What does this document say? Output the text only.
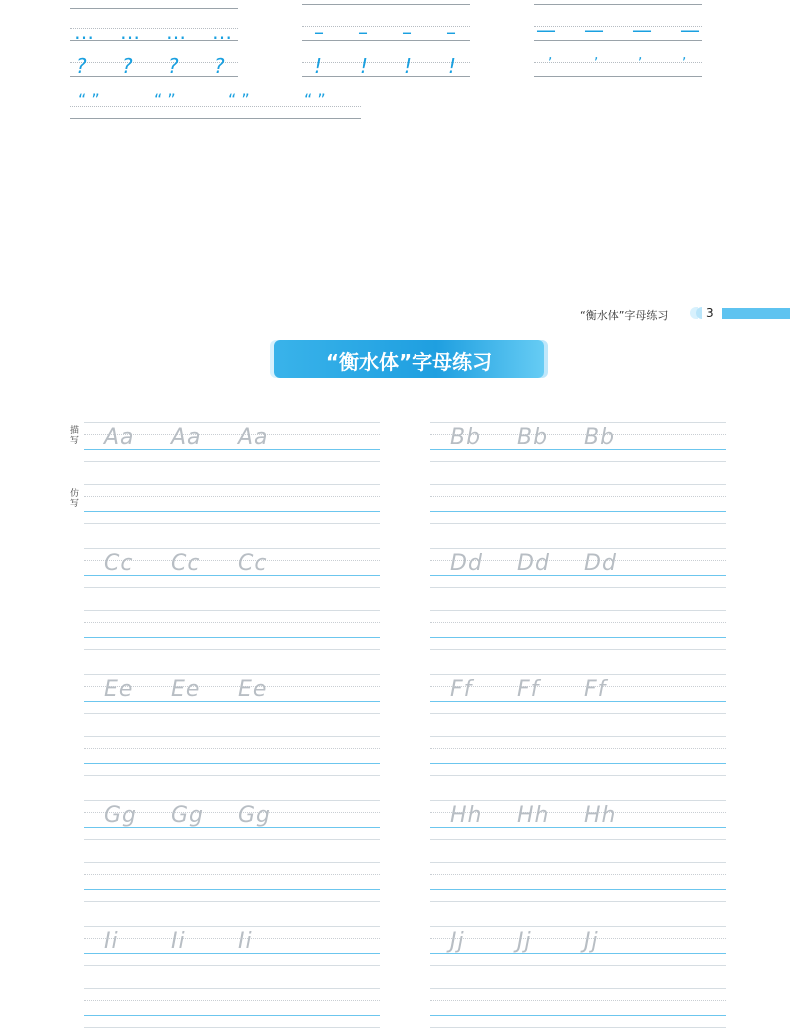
… … … …
? ? ? ?
– – – –
! ! ! !
— — — —
,	,	,	,
“ ”	“ ”	“ ”	“ ”
“衡水体”字母练习	3
“衡水体”字母练习
描写
仿写
Aa Aa Aa	Bb Bb Bb
Cc Cc Cc	Dd Dd Dd
Ee Ee Ee	Ff Ff Ff
Gg Gg Gg	Hh Hh Hh
Ii Ii Ii	Jj Jj Jj
